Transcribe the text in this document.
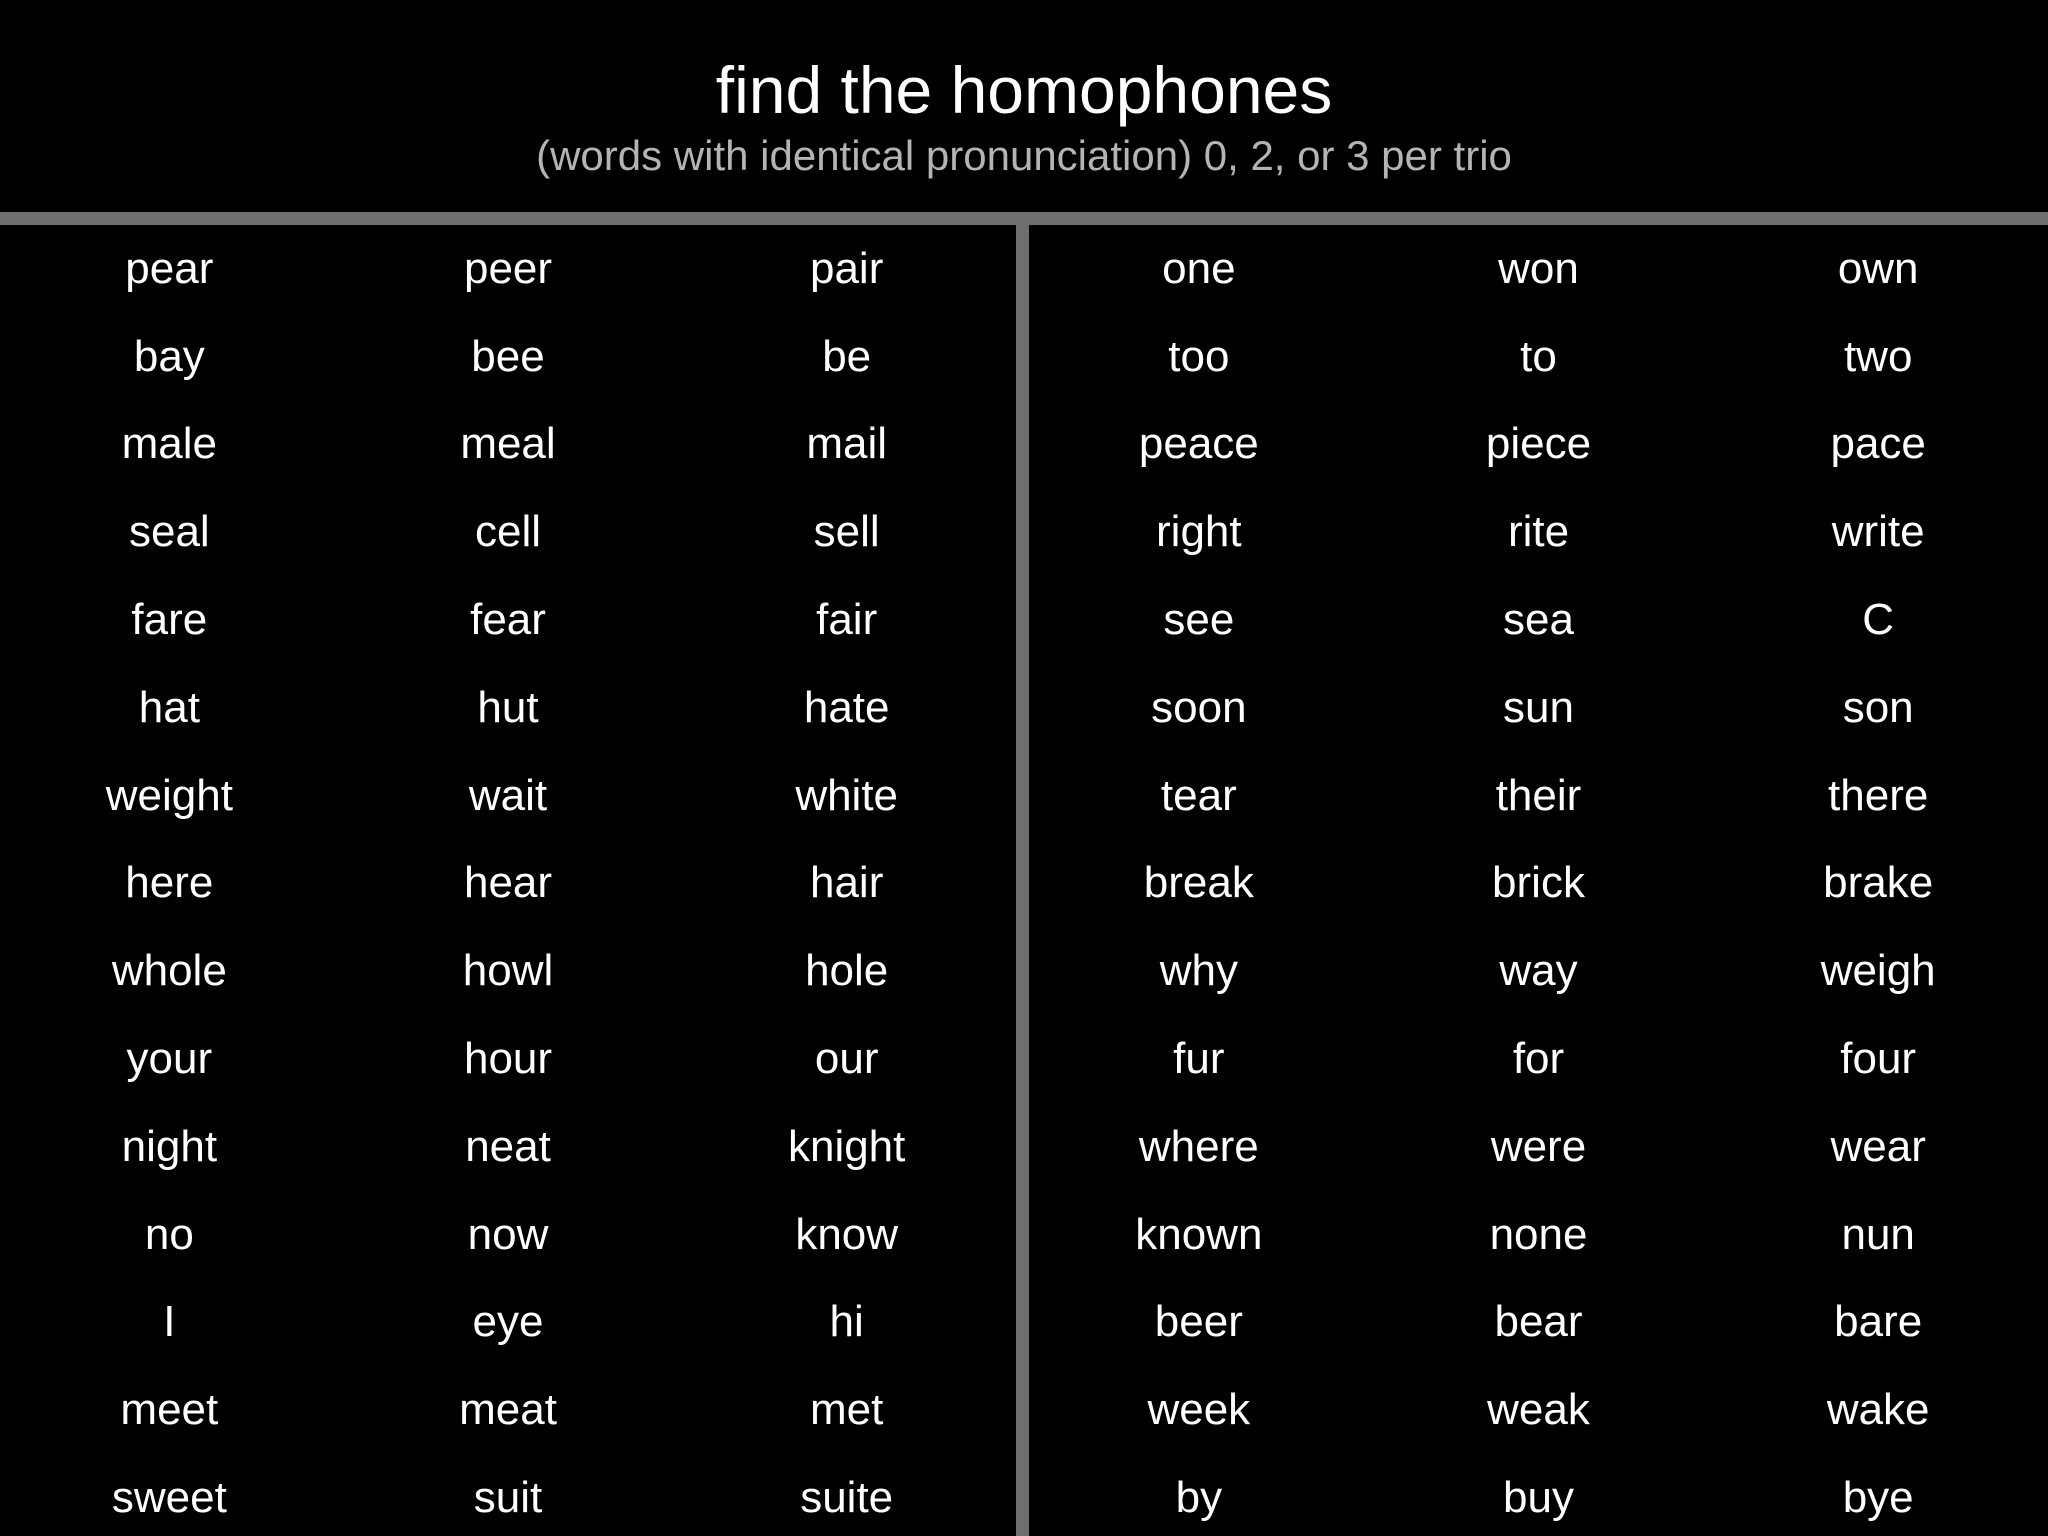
find the homophones
(words with identical pronunciation) 0, 2, or 3 per trio
pear	peer	pair
bay	bee	be
male	meal	mail
seal	cell	sell
fare	fear	fair
hat	hut	hate
weight	wait	white
here	hear	hair
whole	howl	hole
your	hour	our
night	neat	knight
no	now	know
I	eye	hi
meet	meat	met
sweet	suit	suite
one	won	own
too	to	two
peace	piece	pace
right	rite	write
see	sea	C
soon	sun	son
tear	their	there
break	brick	brake
why	way	weigh
fur	for	four
where	were	wear
known	none	nun
beer	bear	bare
week	weak	wake
by	buy	bye
